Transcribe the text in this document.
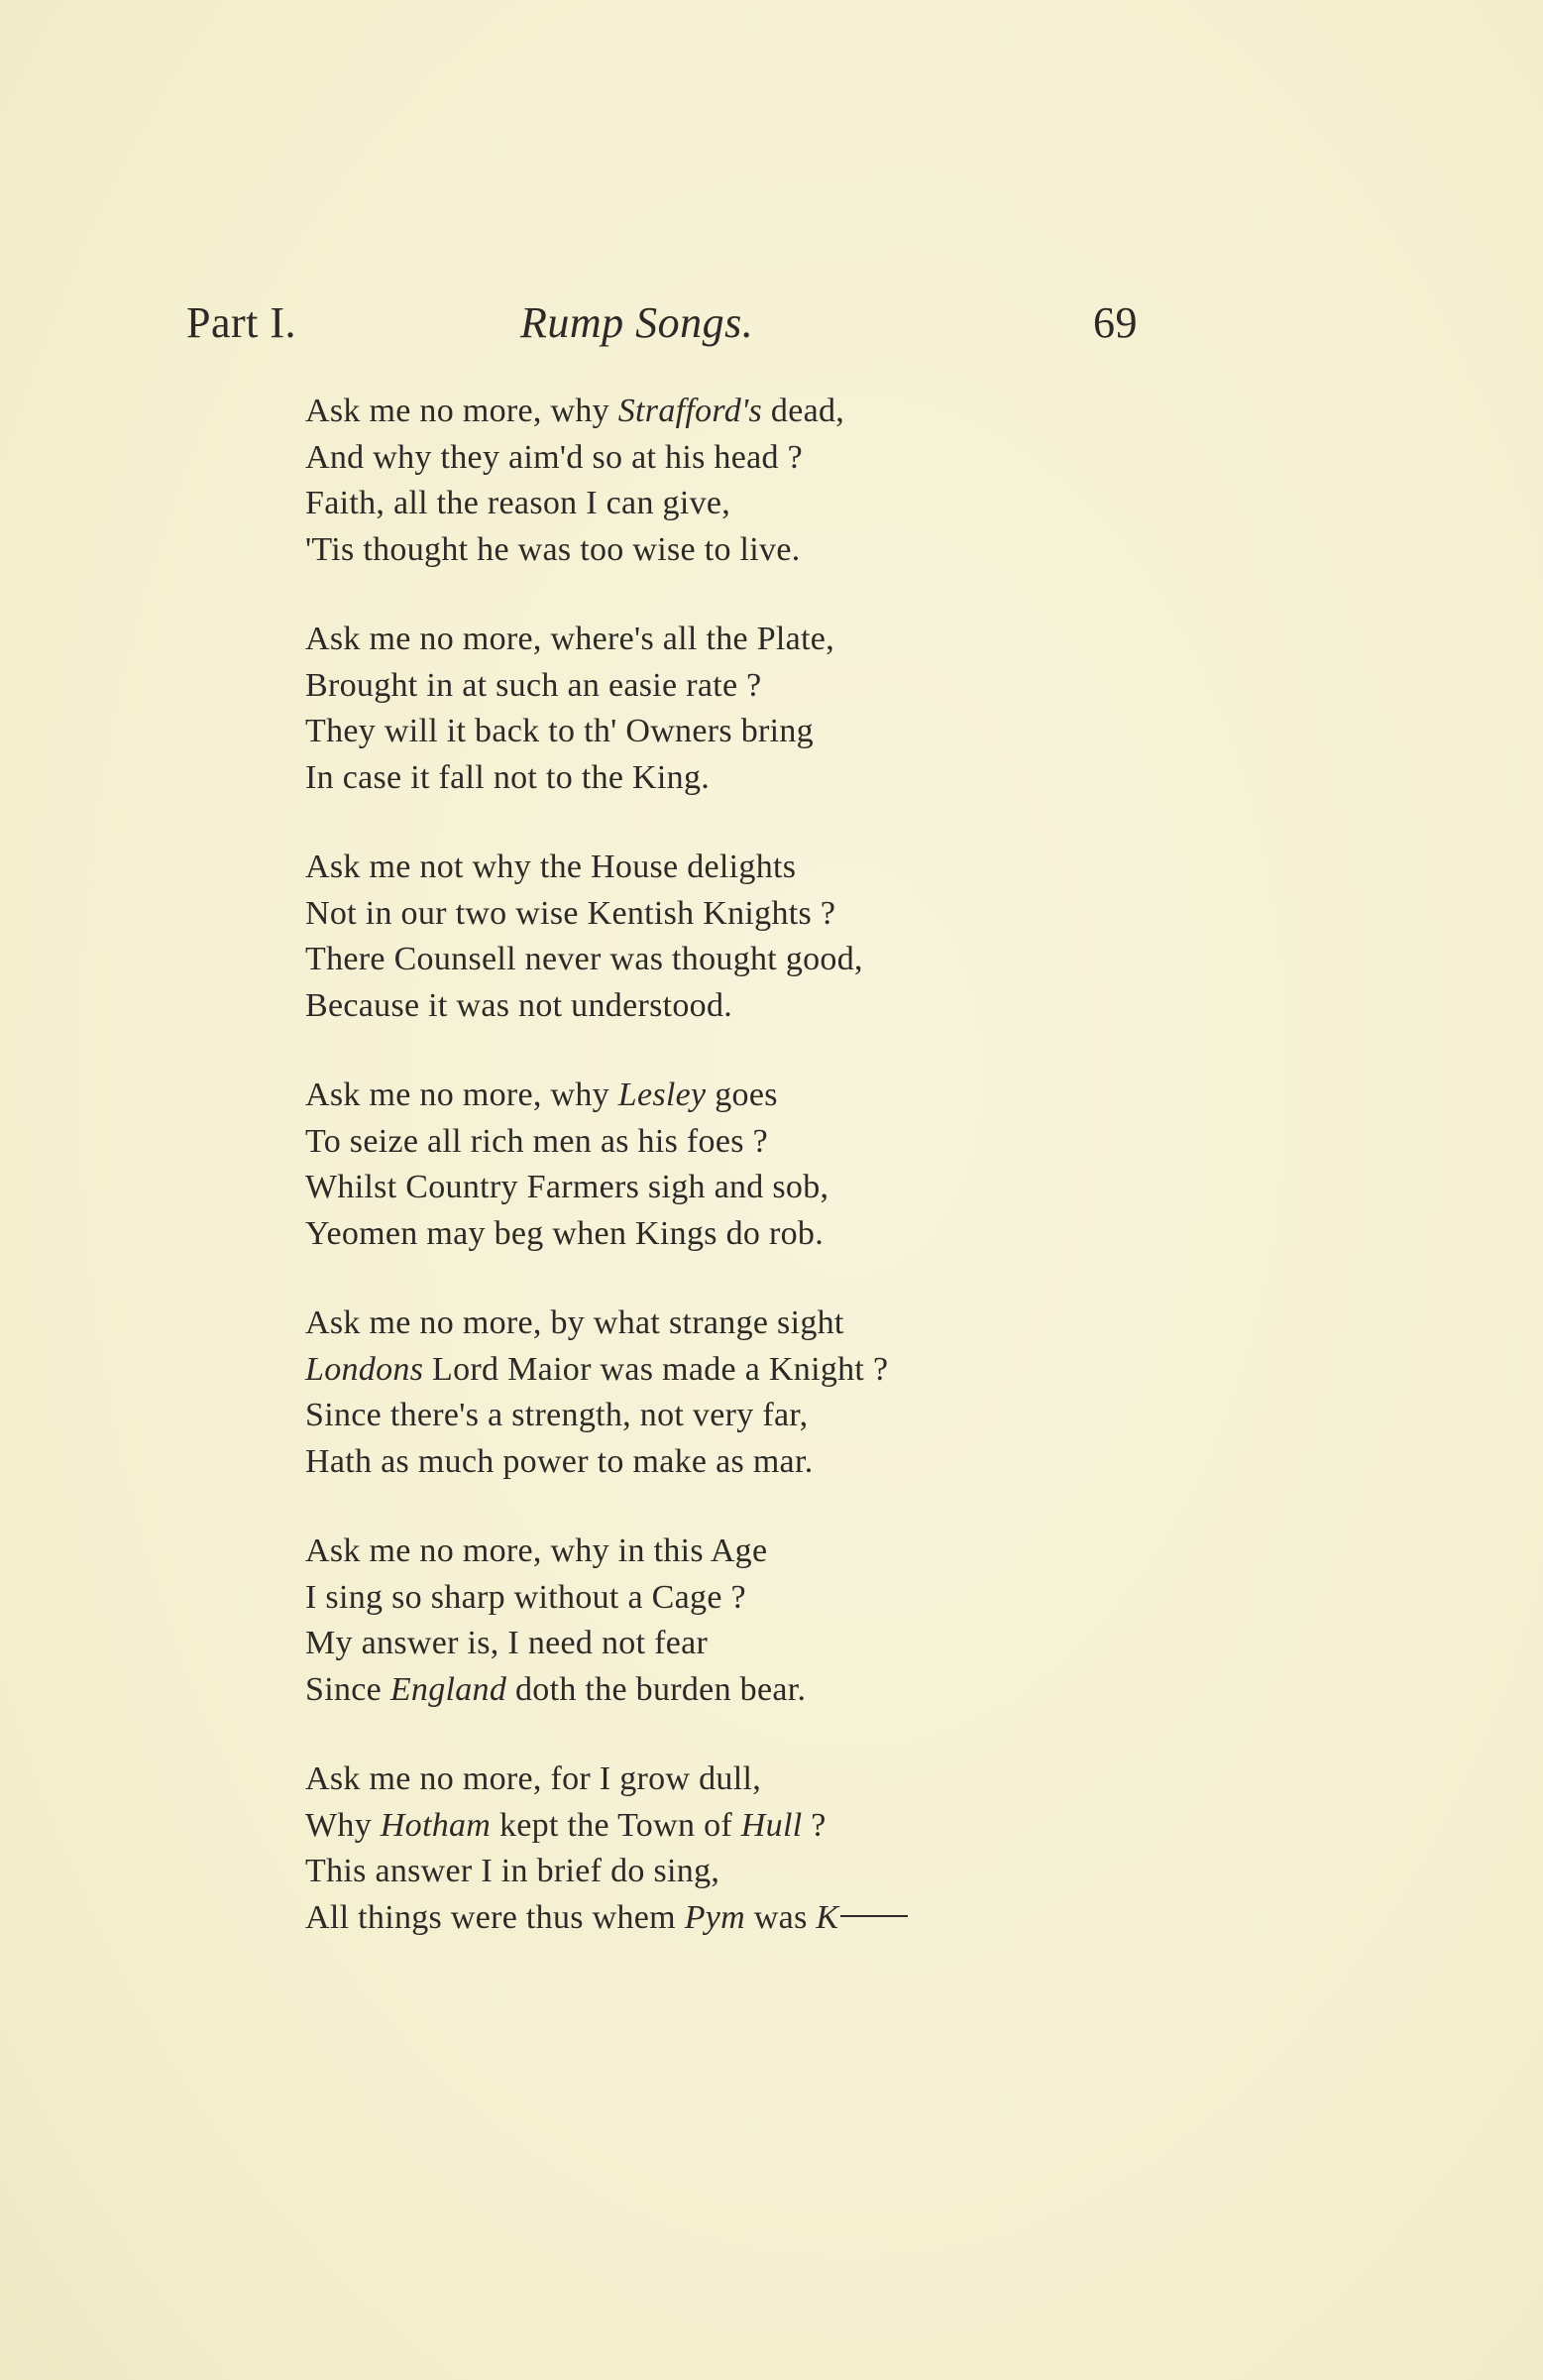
Part I.	Rump Songs.	69
Ask me no more, why Strafford's dead,
And why they aim'd so at his head ?
Faith, all the reason I can give,
'Tis thought he was too wise to live.
Ask me no more, where's all the Plate,
Brought in at such an easie rate ?
They will it back to th' Owners bring
In case it fall not to the King.
Ask me not why the House delights
Not in our two wise Kentish Knights ?
There Counsell never was thought good,
Because it was not understood.
Ask me no more, why Lesley goes
To seize all rich men as his foes ?
Whilst Country Farmers sigh and sob,
Yeomen may beg when Kings do rob.
Ask me no more, by what strange sight
Londons Lord Maior was made a Knight ?
Since there's a strength, not very far,
Hath as much power to make as mar.
Ask me no more, why in this Age
I sing so sharp without a Cage ?
My answer is, I need not fear
Since England doth the burden bear.
Ask me no more, for I grow dull,
Why Hotham kept the Town of Hull ?
This answer I in brief do sing,
All things were thus whem Pym was K
